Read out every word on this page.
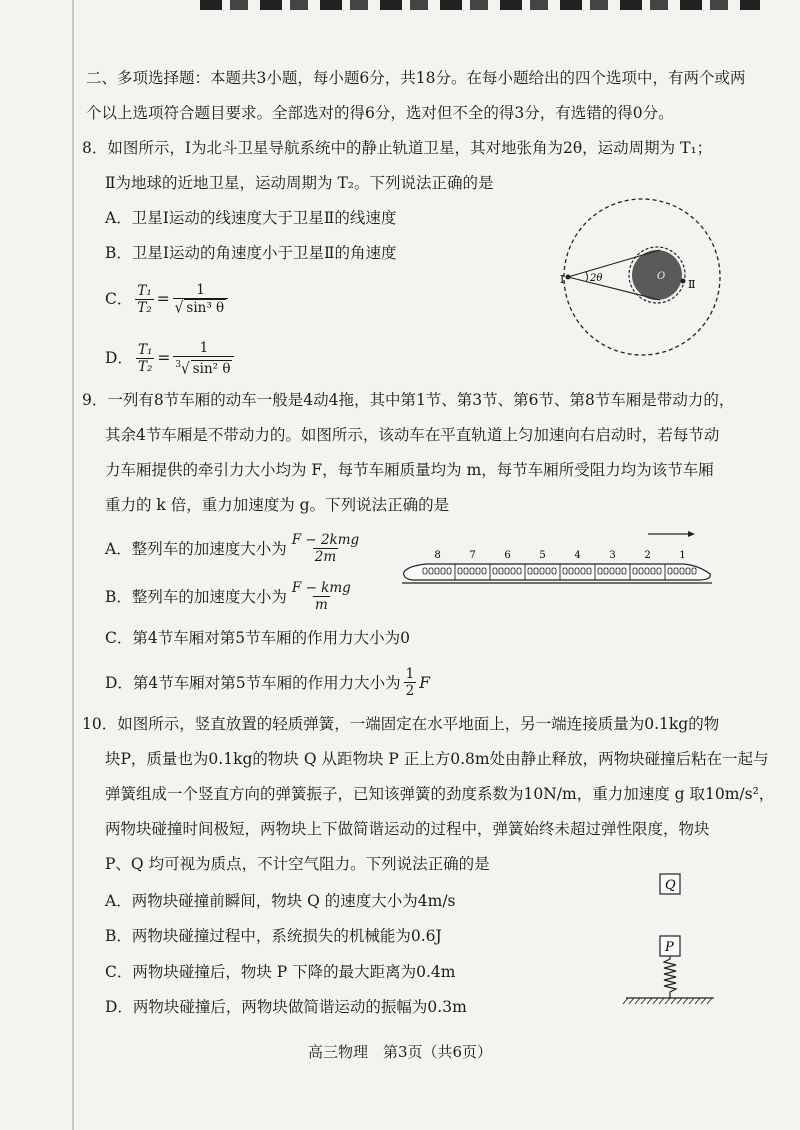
二、多项选择题：本题共3小题，每小题6分，共18分。在每小题给出的四个选项中，有两个或两
个以上选项符合题目要求。全部选对的得6分，选对但不全的得3分，有选错的得0分。
8．如图所示，Ⅰ为北斗卫星导航系统中的静止轨道卫星，其对地张角为2θ，运动周期为 T₁；
Ⅱ为地球的近地卫星，运动周期为 T₂。下列说法正确的是
A．卫星Ⅰ运动的线速度大于卫星Ⅱ的线速度
B．卫星Ⅰ运动的角速度小于卫星Ⅱ的角速度
C． $\frac{\text{T₁}}{\text{T₂}} = \frac{1}{\text{√ sin³ θ}}$
D． $\frac{\text{T₁}}{\text{T₂}} = \frac{1}{^3√ \sin^2 \theta}$
Ⅰ	2θ	O
Ⅱ
9．一列有8节车厢的动车一般是4动4拖，其中第1节、第3节、第6节、第8节车厢是带动力的，
其余4节车厢是不带动力的。如图所示，该动车在平直轨道上匀加速向右启动时，若每节动
力车厢提供的牵引力大小均为 F，每节车厢质量均为 m，每节车厢所受阻力均为该节车厢
重力的 k 倍，重力加速度为 g。下列说法正确的是
A．整列车的加速度大小为 $\frac{\text{F − 2kmg}}{2m}$
B．整列车的加速度大小为 $\frac{\text{F − kmg}}{m}$
C．第4节车厢对第5节车厢的作用力大小为0
D．第4节车厢对第5节车厢的作用力大小为 $\frac{1}{2}$ F
8	7	6	5	4	3	2	1
10．如图所示，竖直放置的轻质弹簧，一端固定在水平地面上，另一端连接质量为0.1kg的物
块P，质量也为0.1kg的物块 Q 从距物块 P 正上方0.8m处由静止释放，两物块碰撞后粘在一起与
弹簧组成一个竖直方向的弹簧振子，已知该弹簧的劲度系数为10N/m，重力加速度 g 取10m/s²，
两物块碰撞时间极短，两物块上下做简谐运动的过程中，弹簧始终未超过弹性限度，物块
P、Q 均可视为质点，不计空气阻力。下列说法正确的是
A．两物块碰撞前瞬间，物块 Q 的速度大小为4m/s
B．两物块碰撞过程中，系统损失的机械能为0.6J
C．两物块碰撞后，物块 P 下降的最大距离为0.4m
D．两物块碰撞后，两物块做简谐运动的振幅为0.3m
Q
P
高三物理　第3页（共6页）
